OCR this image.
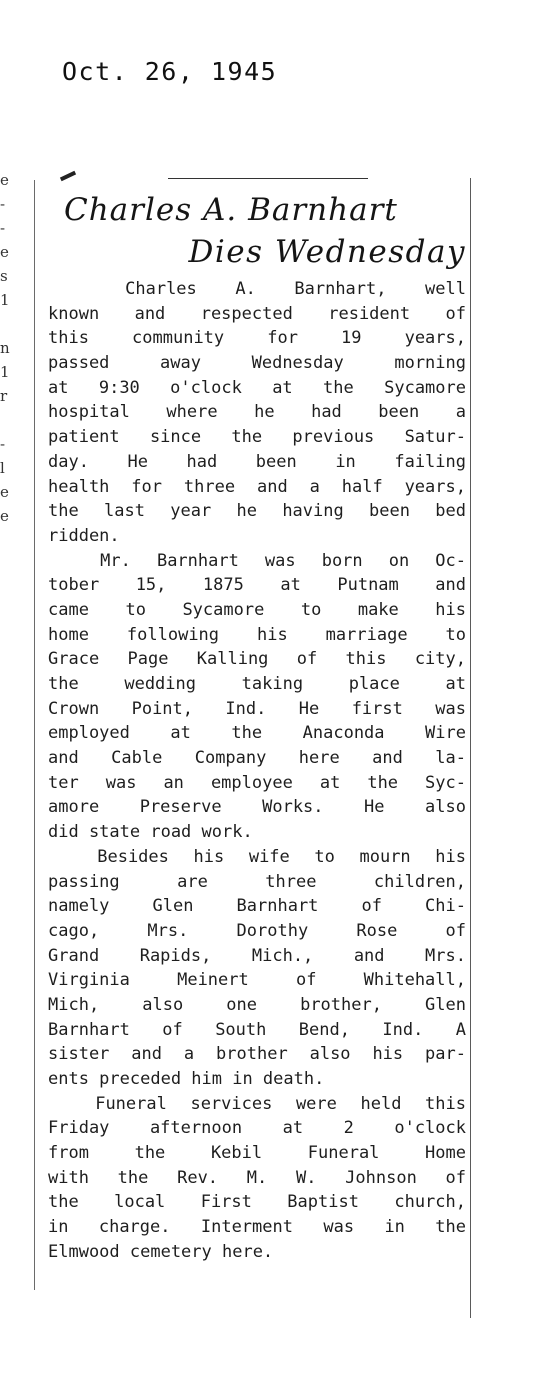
Oct. 26, 1945
e
-
-
e
s
1
n
1
r
-
l
e
e
Charles A. Barnhart
Dies Wednesday
Charles A. Barnhart, well
known and respected resident of
this community for 19 years,
passed away Wednesday morning
at 9:30 o'clock at the Sycamore
hospital where he had been a
patient since the previous Satur-
day. He had been in failing
health for three and a half years,
the last year he having been bed
ridden.
Mr. Barnhart was born on Oc-
tober 15, 1875 at Putnam and
came to Sycamore to make his
home following his marriage to
Grace Page Kalling of this city,
the wedding taking place at
Crown Point, Ind. He first was
employed at the Anaconda Wire
and Cable Company here and la-
ter was an employee at the Syc-
amore Preserve Works. He also
did state road work.
Besides his wife to mourn his
passing are three children,
namely Glen Barnhart of Chi-
cago, Mrs. Dorothy Rose of
Grand Rapids, Mich., and Mrs.
Virginia Meinert of Whitehall,
Mich, also one brother, Glen
Barnhart of South Bend, Ind. A
sister and a brother also his par-
ents preceded him in death.
Funeral services were held this
Friday afternoon at 2 o'clock
from the Kebil Funeral Home
with the Rev. M. W. Johnson of
the local First Baptist church,
in charge. Interment was in the
Elmwood cemetery here.
